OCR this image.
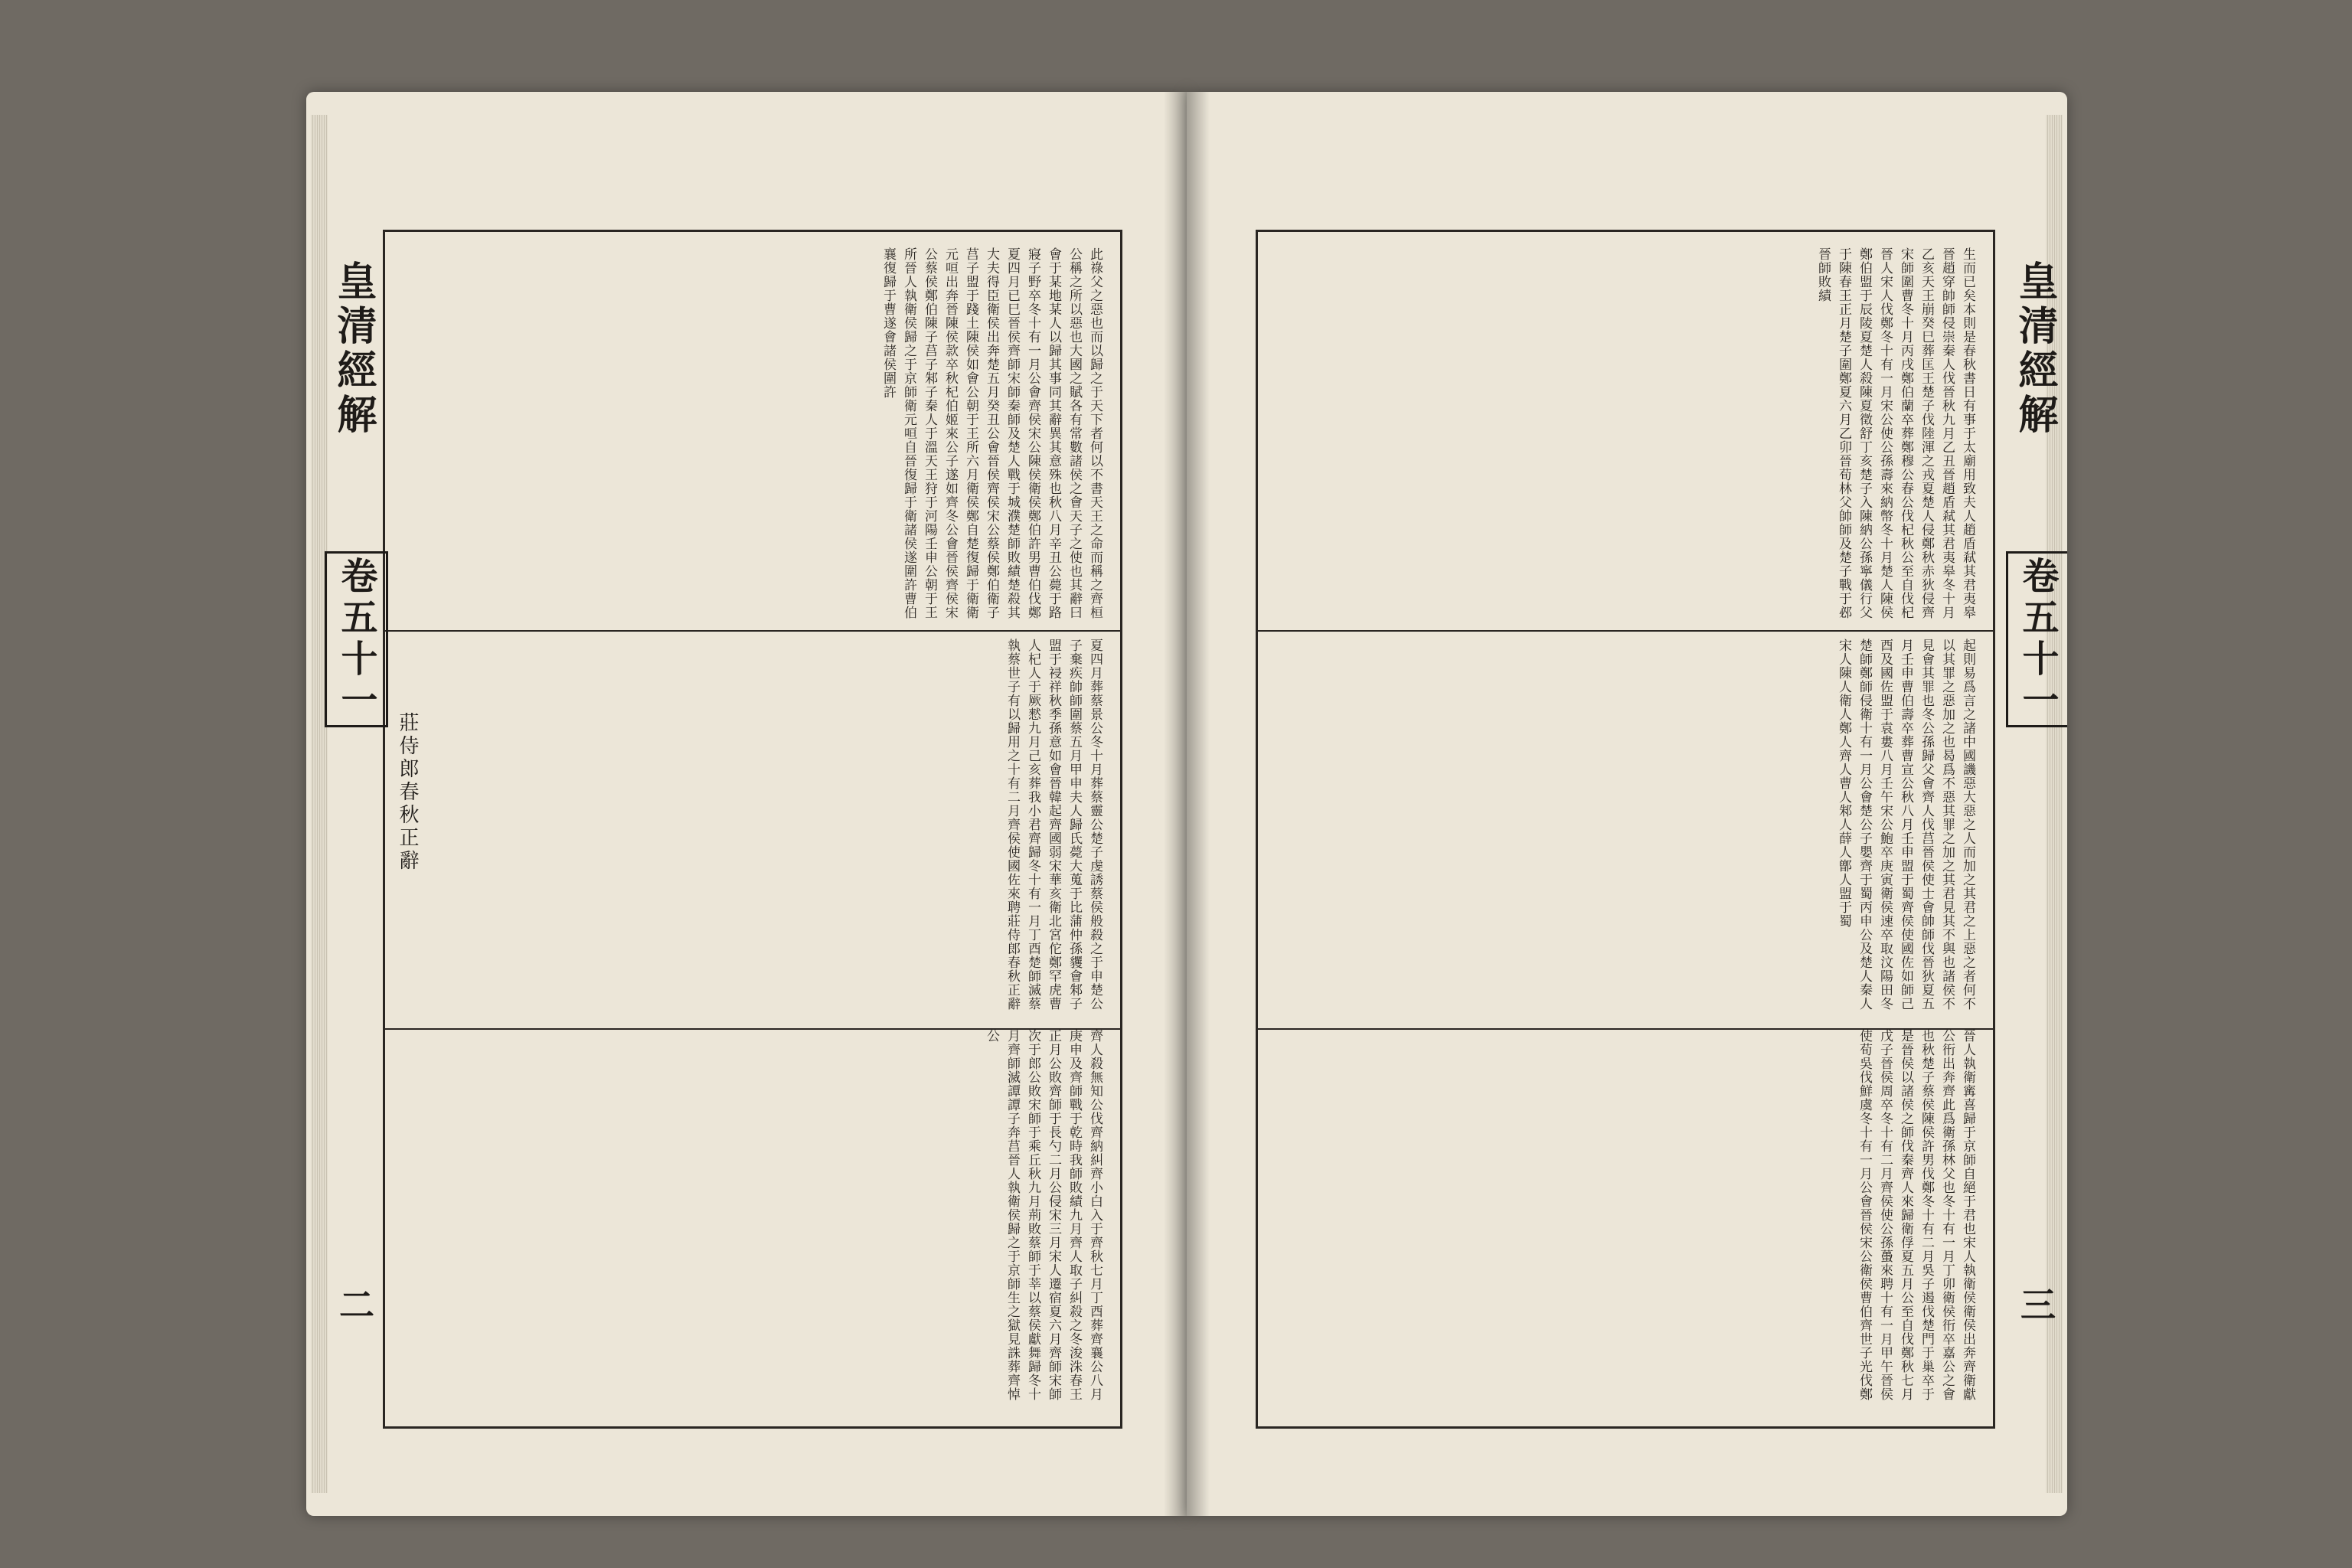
此祿父之惡也而以歸之于天下者何以不書天王之命而稱之齊桓公稱之所以惡也大國之賦各有常數諸侯之會天子之使也其辭曰會于某地某人以歸其事同其辭異其意殊也秋八月辛丑公薨于路寢子野卒冬十有一月公會齊侯宋公陳侯衛侯鄭伯許男曹伯伐鄭夏四月已巳晉侯齊師宋師秦師及楚人戰于城濮楚師敗績楚殺其大夫得臣衛侯出奔楚五月癸丑公會晉侯齊侯宋公蔡侯鄭伯衛子莒子盟于踐土陳侯如會公朝于王所六月衛侯鄭自楚復歸于衛衛元咺出奔晉陳侯款卒秋杞伯姬來公子遂如齊冬公會晉侯齊侯宋公蔡侯鄭伯陳子莒子邾子秦人于溫天王狩于河陽壬申公朝于王所晉人執衛侯歸之于京師衛元咺自晉復歸于衛諸侯遂圍許曹伯襄復歸于曹遂會諸侯圍許
夏四月葬蔡景公冬十月葬蔡靈公楚子虔誘蔡侯般殺之于申楚公子棄疾帥師圍蔡五月甲申夫人歸氏薨大蒐于比蒲仲孫貜會邾子盟于祲祥秋季孫意如會晉韓起齊國弱宋華亥衛北宮佗鄭罕虎曹人杞人于厥憖九月己亥葬我小君齊歸冬十有一月丁酉楚師滅蔡執蔡世子有以歸用之十有二月齊侯使國佐來聘莊侍郎春秋正辭
齊人殺無知公伐齊納糾齊小白入于齊秋七月丁酉葬齊襄公八月庚申及齊師戰于乾時我師敗績九月齊人取子糾殺之冬浚洙春王正月公敗齊師于長勺二月公侵宋三月宋人遷宿夏六月齊師宋師次于郎公敗宋師于乘丘秋九月荊敗蔡師于莘以蔡侯獻舞歸冬十月齊師滅譚譚子奔莒晉人執衛侯歸之于京師生之獄見誅葬齊悼公
皇清經解
卷五十一
二
莊侍郎春秋正辭
生而已矣本則是春秋書日有事于太廟用致夫人趙盾弒其君夷皋晉趙穿帥師侵崇秦人伐晉秋九月乙丑晉趙盾弒其君夷皋冬十月乙亥天王崩癸巳葬匡王楚子伐陸渾之戎夏楚人侵鄭秋赤狄侵齊宋師圍曹冬十月丙戌鄭伯蘭卒葬鄭穆公春公伐杞秋公至自伐杞晉人宋人伐鄭冬十有一月宋公使公孫壽來納幣冬十月楚人陳侯鄭伯盟于辰陵夏楚人殺陳夏徵舒丁亥楚子入陳納公孫寧儀行父于陳春王正月楚子圍鄭夏六月乙卯晉荀林父帥師及楚子戰于邲晉師敗績
起則易爲言之諸中國譏惡大惡之人而加之其君之上惡之者何不以其罪之惡加之也曷爲不惡其罪之加之其君見其不與也諸侯不見會其罪也冬公孫歸父會齊人伐莒晉侯使士會帥師伐晉狄夏五月壬申曹伯壽卒葬曹宣公秋八月壬申盟于蜀齊侯使國佐如師己酉及國佐盟于袁婁八月壬午宋公鮑卒庚寅衛侯速卒取汶陽田冬楚師鄭師侵衛十有一月公會楚公子嬰齊于蜀丙申公及楚人秦人宋人陳人衛人鄭人齊人曹人邾人薛人鄫人盟于蜀
晉人執衛寗喜歸于京師自絕于君也宋人執衛侯衛侯出奔齊衛獻公衎出奔齊此爲衛孫林父也冬十有一月丁卯衛侯衎卒嘉公之會也秋楚子蔡侯陳侯許男伐鄭冬十有二月吳子遏伐楚門于巢卒于是晉侯以諸侯之師伐秦齊人來歸衛俘夏五月公至自伐鄭秋七月戊子晉侯周卒冬十有二月齊侯使公孫蠆來聘十有一月甲午晉侯使荀吳伐鮮虞冬十有一月公會晉侯宋公衛侯曹伯齊世子光伐鄭
皇清經解
卷五十一
三
